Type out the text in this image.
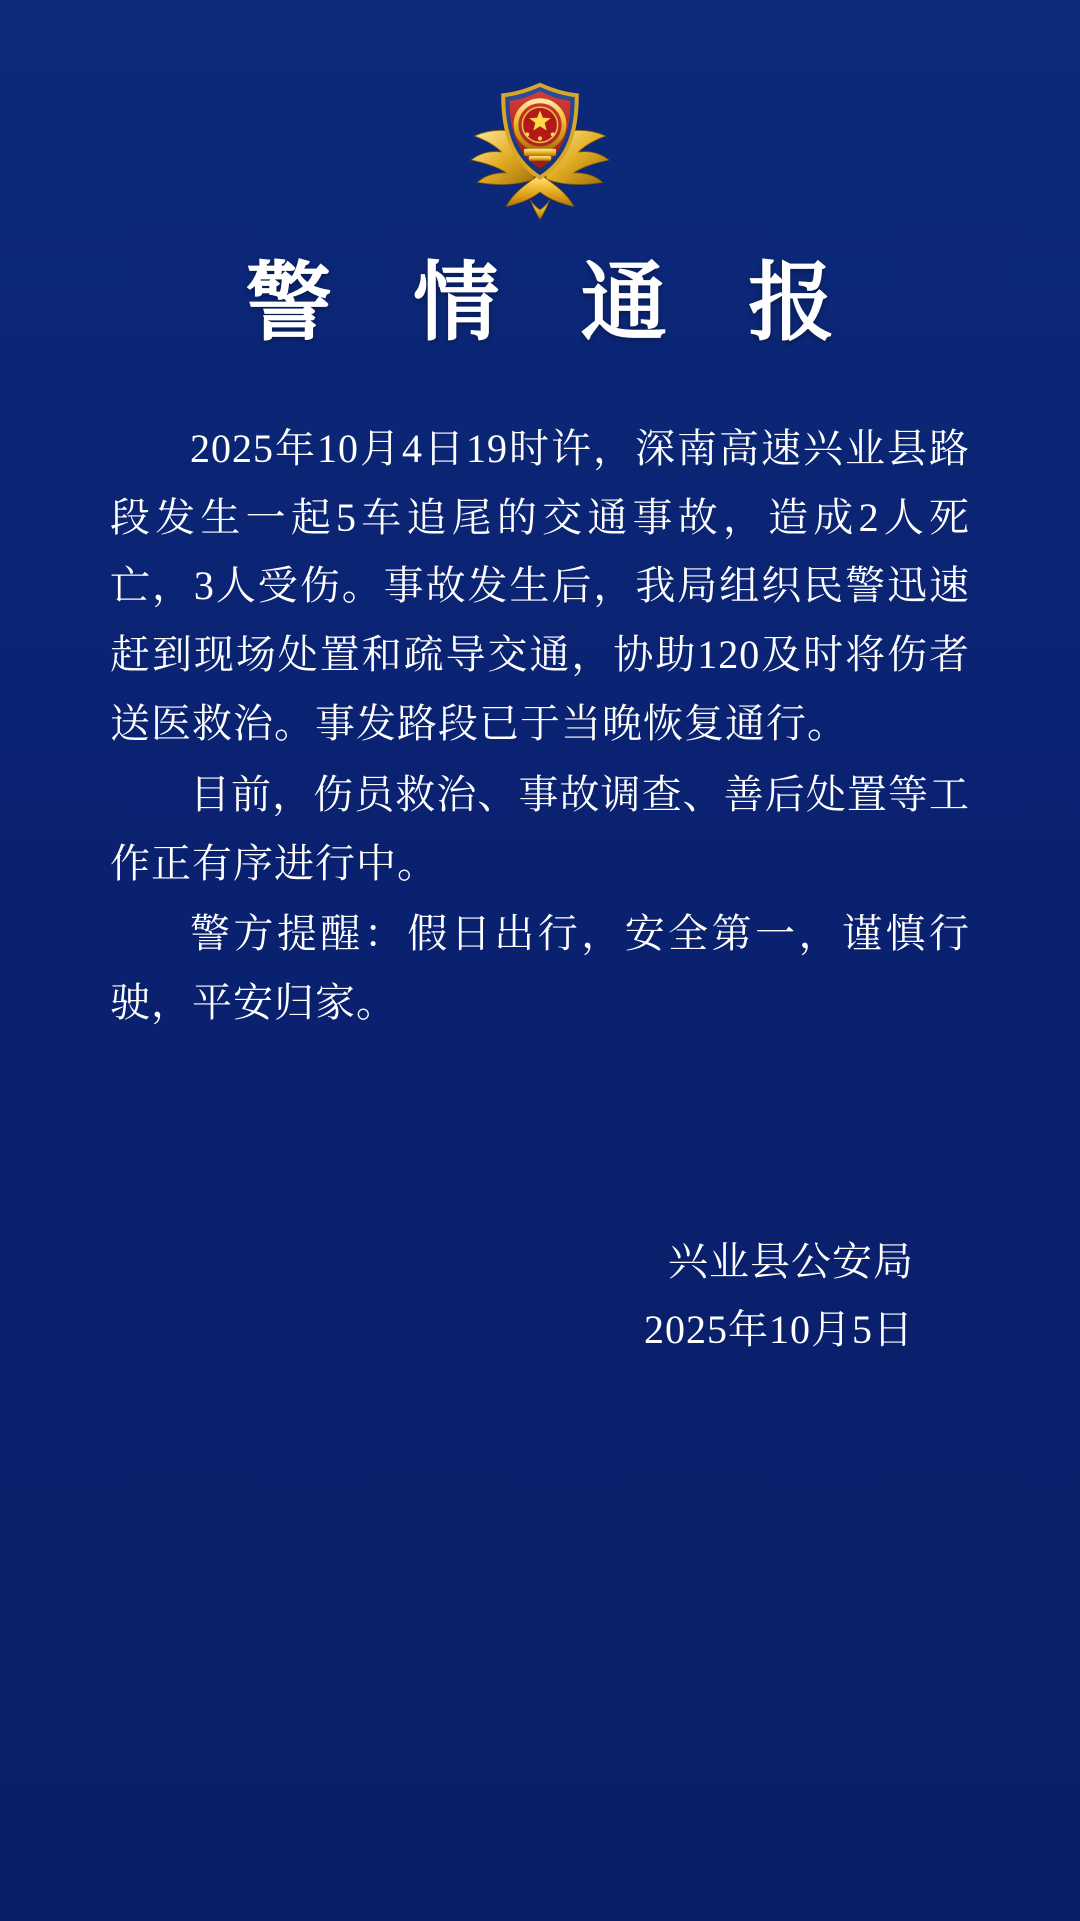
警 情 通 报

2025年10月4日19时许，深南高速兴业县路段发生一起5车追尾的交通事故，造成2人死亡，3人受伤。事故发生后，我局组织民警迅速赶到现场处置和疏导交通，协助120及时将伤者送医救治。事发路段已于当晚恢复通行。

目前，伤员救治、事故调查、善后处置等工作正有序进行中。

警方提醒：假日出行，安全第一，谨慎行驶，平安归家。

兴业县公安局
2025年10月5日
